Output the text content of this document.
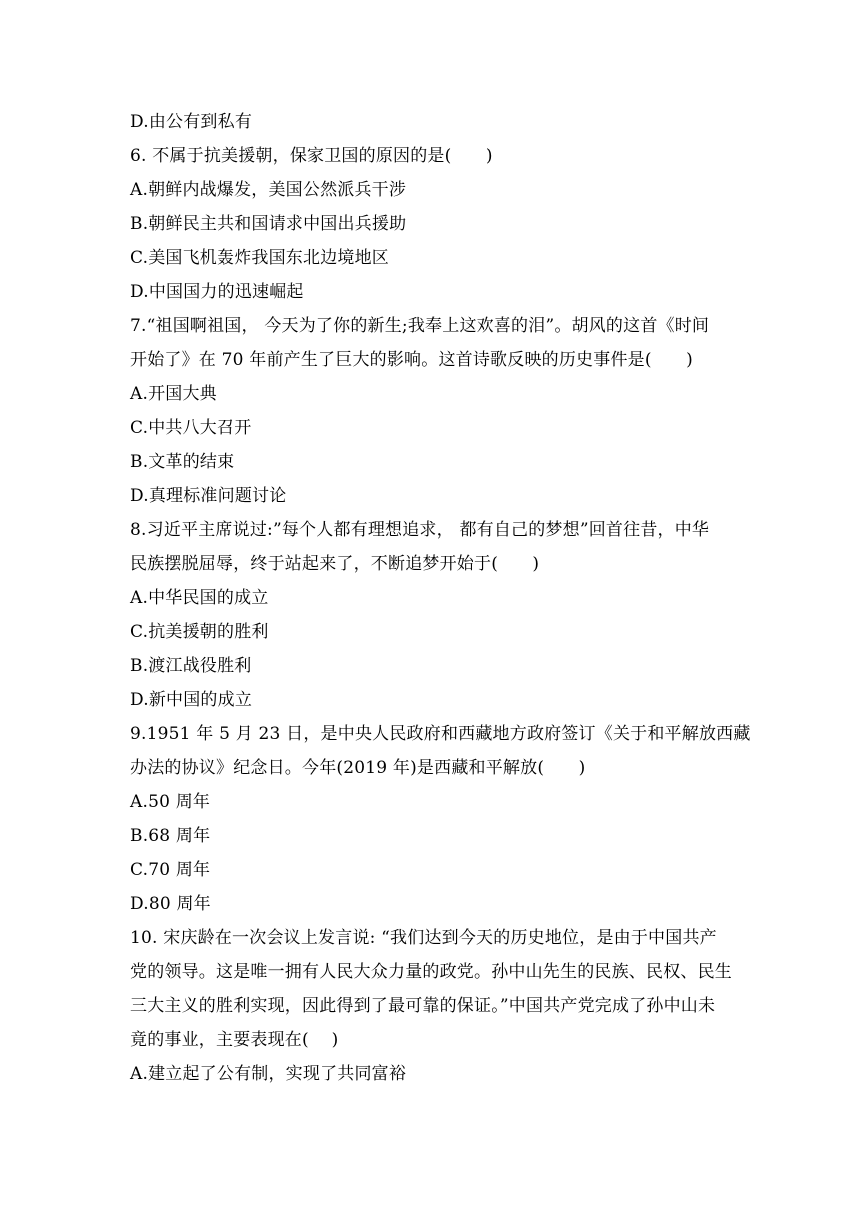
D.由公有到私有
6. 不属于抗美援朝，保家卫国的原因的是(　　)
A.朝鲜内战爆发，美国公然派兵干涉
B.朝鲜民主共和国请求中国出兵援助
C.美国飞机轰炸我国东北边境地区
D.中国国力的迅速崛起
7.“祖国啊祖国， 今天为了你的新生;我奉上这欢喜的泪”。胡风的这首《时间
开始了》在 70 年前产生了巨大的影响。这首诗歌反映的历史事件是(　　)
A.开国大典
C.中共八大召开
B.文革的结束
D.真理标准问题讨论
8.习近平主席说过:”每个人都有理想追求， 都有自己的梦想”回首往昔，中华
民族摆脱屈辱，终于站起来了，不断追梦开始于(　　)
A.中华民国的成立
C.抗美援朝的胜利
B.渡江战役胜利
D.新中国的成立
9.1951 年 5 月 23 日，是中央人民政府和西藏地方政府签订《关于和平解放西藏
办法的协议》纪念日。今年(2019 年)是西藏和平解放(　　)
A.50 周年
B.68 周年
C.70 周年
D.80 周年
10. 宋庆龄在一次会议上发言说: “我们达到今天的历史地位，是由于中国共产
党的领导。这是唯一拥有人民大众力量的政党。孙中山先生的民族、民权、民生
三大主义的胜利实现，因此得到了最可靠的保证。”中国共产党完成了孙中山未
竟的事业，主要表现在(　 )
A.建立起了公有制，实现了共同富裕
